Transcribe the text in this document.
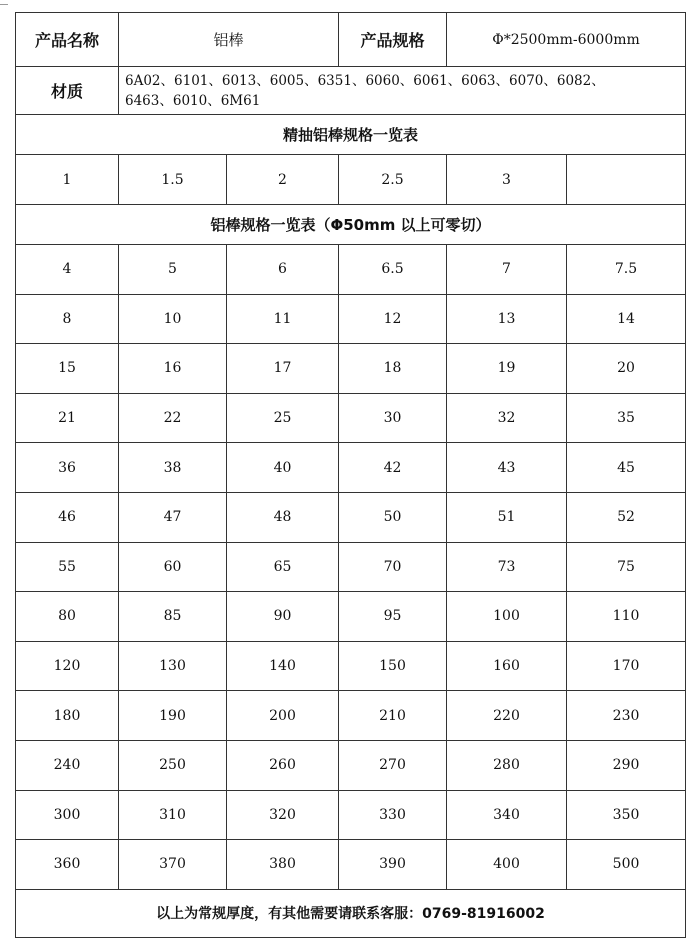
产品名称	铝棒		产品规格	Φ*2500mm-6000mm	
材质	6A02、6101、6013、6005、6351、6060、6061、6063、6070、6082、
6463、6010、6M61				

精抽铝棒规格一览表					
1	1.5	2	2.5	3	
铝棒规格一览表（Φ50mm 以上可零切）					
4	5	6	6.5	7	7.5
8	10	11	12	13	14
15	16	17	18	19	20
21	22	25	30	32	35
36	38	40	42	43	45
46	47	48	50	51	52
55	60	65	70	73	75
80	85	90	95	100	110
120	130	140	150	160	170
180	190	200	210	220	230
240	250	260	270	280	290
300	310	320	330	340	350
360	370	380	390	400	500
以上为常规厚度，有其他需要请联系客服：0769-81916002					
